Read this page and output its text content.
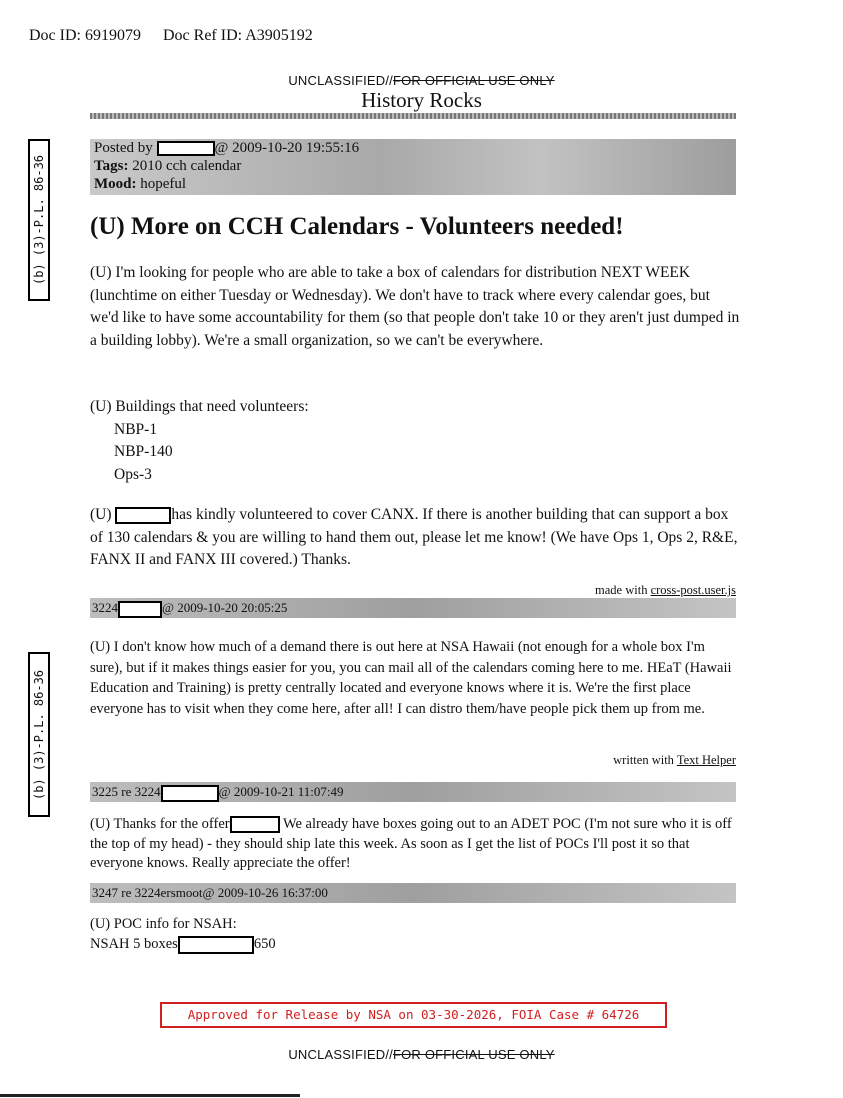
Doc ID: 6919079 Doc Ref ID: A3905192
UNCLASSIFIED//FOR OFFICIAL USE ONLY
History Rocks
(b) (3)-P.L. 86-36
Posted by	@ 2009-10-20 19:55:16
Tags: 2010 cch calendar
Mood: hopeful
(U) More on CCH Calendars - Volunteers needed!
(U) I'm looking for people who are able to take a box of calendars for distribution NEXT WEEK (lunchtime on either Tuesday or Wednesday). We don't have to track where every calendar goes, but we'd like to have some accountability for them (so that people don't take 10 or they aren't just dumped in a building lobby). We're a small organization, so we can't be everywhere.
(U) Buildings that need volunteers:
NBP-1
NBP-140
Ops-3
(U)	has kindly volunteered to cover CANX. If there is another building that can support a box of 130 calendars & you are willing to hand them out, please let me know! (We have Ops 1, Ops 2, R&E, FANX II and FANX III covered.) Thanks.
made with cross-post.user.js
3224	@ 2009-10-20 20:05:25
(U) I don't know how much of a demand there is out here at NSA Hawaii (not enough for a whole box I'm sure), but if it makes things easier for you, you can mail all of the calendars coming here to me. HEaT (Hawaii Education and Training) is pretty centrally located and everyone knows where it is. We're the first place everyone has to visit when they come here, after all! I can distro them/have people pick them up from me.
written with Text Helper
(b) (3)-P.L. 86-36	3225 re 3224	@ 2009-10-21 11:07:49
(U) Thanks for the offer	We already have boxes going out to an ADET POC (I'm not sure who it is off the top of my head) - they should ship late this week. As soon as I get the list of POCs I'll post it so that everyone knows. Really appreciate the offer!
3247 re 3224ersmoot@ 2009-10-26 16:37:00
(U) POC info for NSAH:
NSAH 5 boxes	650
Approved for Release by NSA on 03-30-2026, FOIA Case # 64726
UNCLASSIFIED//FOR OFFICIAL USE ONLY
